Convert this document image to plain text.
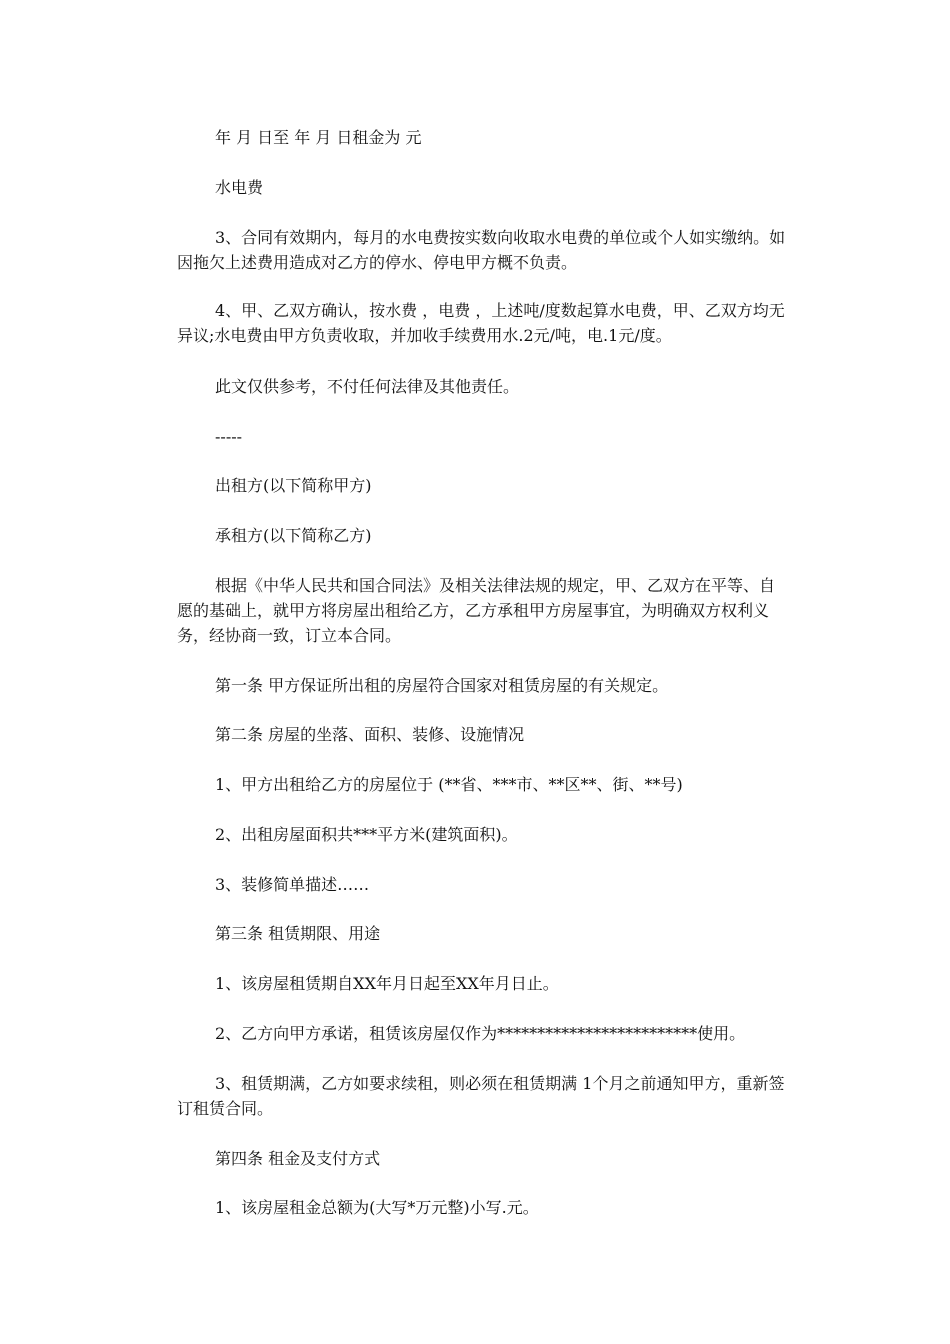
年 月 日至 年 月 日租金为 元

水电费

3、合同有效期内，每月的水电费按实数向收取水电费的单位或个人如实缴纳。如因拖欠上述费用造成对乙方的停水、停电甲方概不负责。

4、甲、乙双方确认，按水费 ，电费 ，上述吨/度数起算水电费，甲、乙双方均无异议;水电费由甲方负责收取，并加收手续费用水.2元/吨，电.1元/度。

此文仅供参考，不付任何法律及其他责任。

-----

出租方(以下简称甲方)

承租方(以下简称乙方)

根据《中华人民共和国合同法》及相关法律法规的规定，甲、乙双方在平等、自愿的基础上，就甲方将房屋出租给乙方，乙方承租甲方房屋事宜，为明确双方权利义务，经协商一致，订立本合同。

第一条 甲方保证所出租的房屋符合国家对租赁房屋的有关规定。

第二条 房屋的坐落、面积、装修、设施情况

1、甲方出租给乙方的房屋位于 (**省、***市、**区**、街、**号)

2、出租房屋面积共***平方米(建筑面积)。

3、装修简单描述……

第三条 租赁期限、用途

1、该房屋租赁期自XX年月日起至XX年月日止。

2、乙方向甲方承诺，租赁该房屋仅作为*************************使用。

3、租赁期满，乙方如要求续租，则必须在租赁期满 1个月之前通知甲方，重新签订租赁合同。

第四条 租金及支付方式

1、该房屋租金总额为(大写*万元整)小写.元。
